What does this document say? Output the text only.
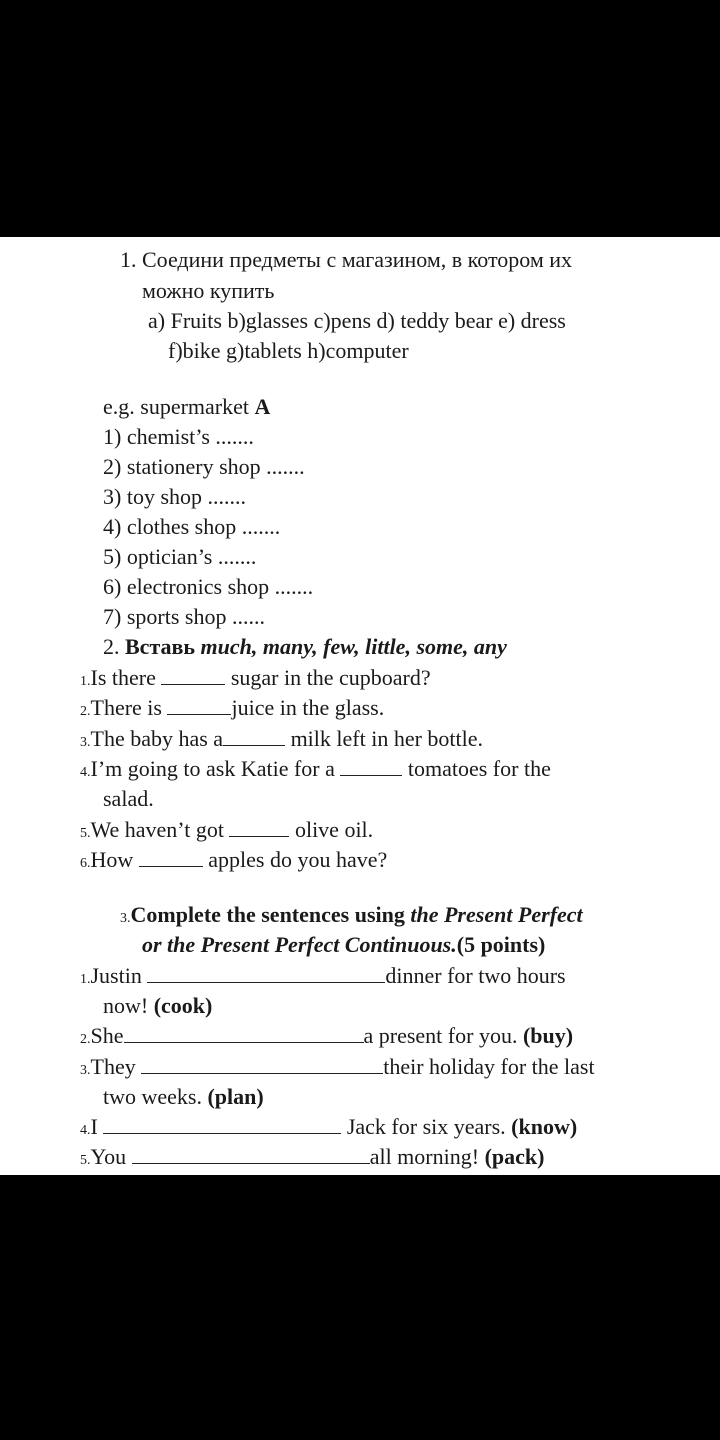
1. Соедини предметы с магазином, в котором их
можно купить
a) Fruits b)glasses c)pens d) teddy bear e) dress
f)bike g)tablets h)computer
e.g. supermarket A
1) chemist’s .......
2) stationery shop .......
3) toy shop .......
4) clothes shop .......
5) optician’s .......
6) electronics shop .......
7) sports shop ......
2. Вставь much, many, few, little, some, any
1.Is there	sugar in the cupboard?
2.There is	juice in the glass.
3.The baby has a	milk left in her bottle.
4.I’m going to ask Katie for a	tomatoes for the
salad.
5.We haven’t got	olive oil.
6.How	apples do you have?
3.Complete the sentences using the Present Perfect
or the Present Perfect Continuous.(5 points)
1.Justin	dinner for two hours
now! (cook)
2.She	a present for you. (buy)
3.They	their holiday for the last
two weeks. (plan)
4.I	Jack for six years. (know)
5.You	all morning! (pack)
